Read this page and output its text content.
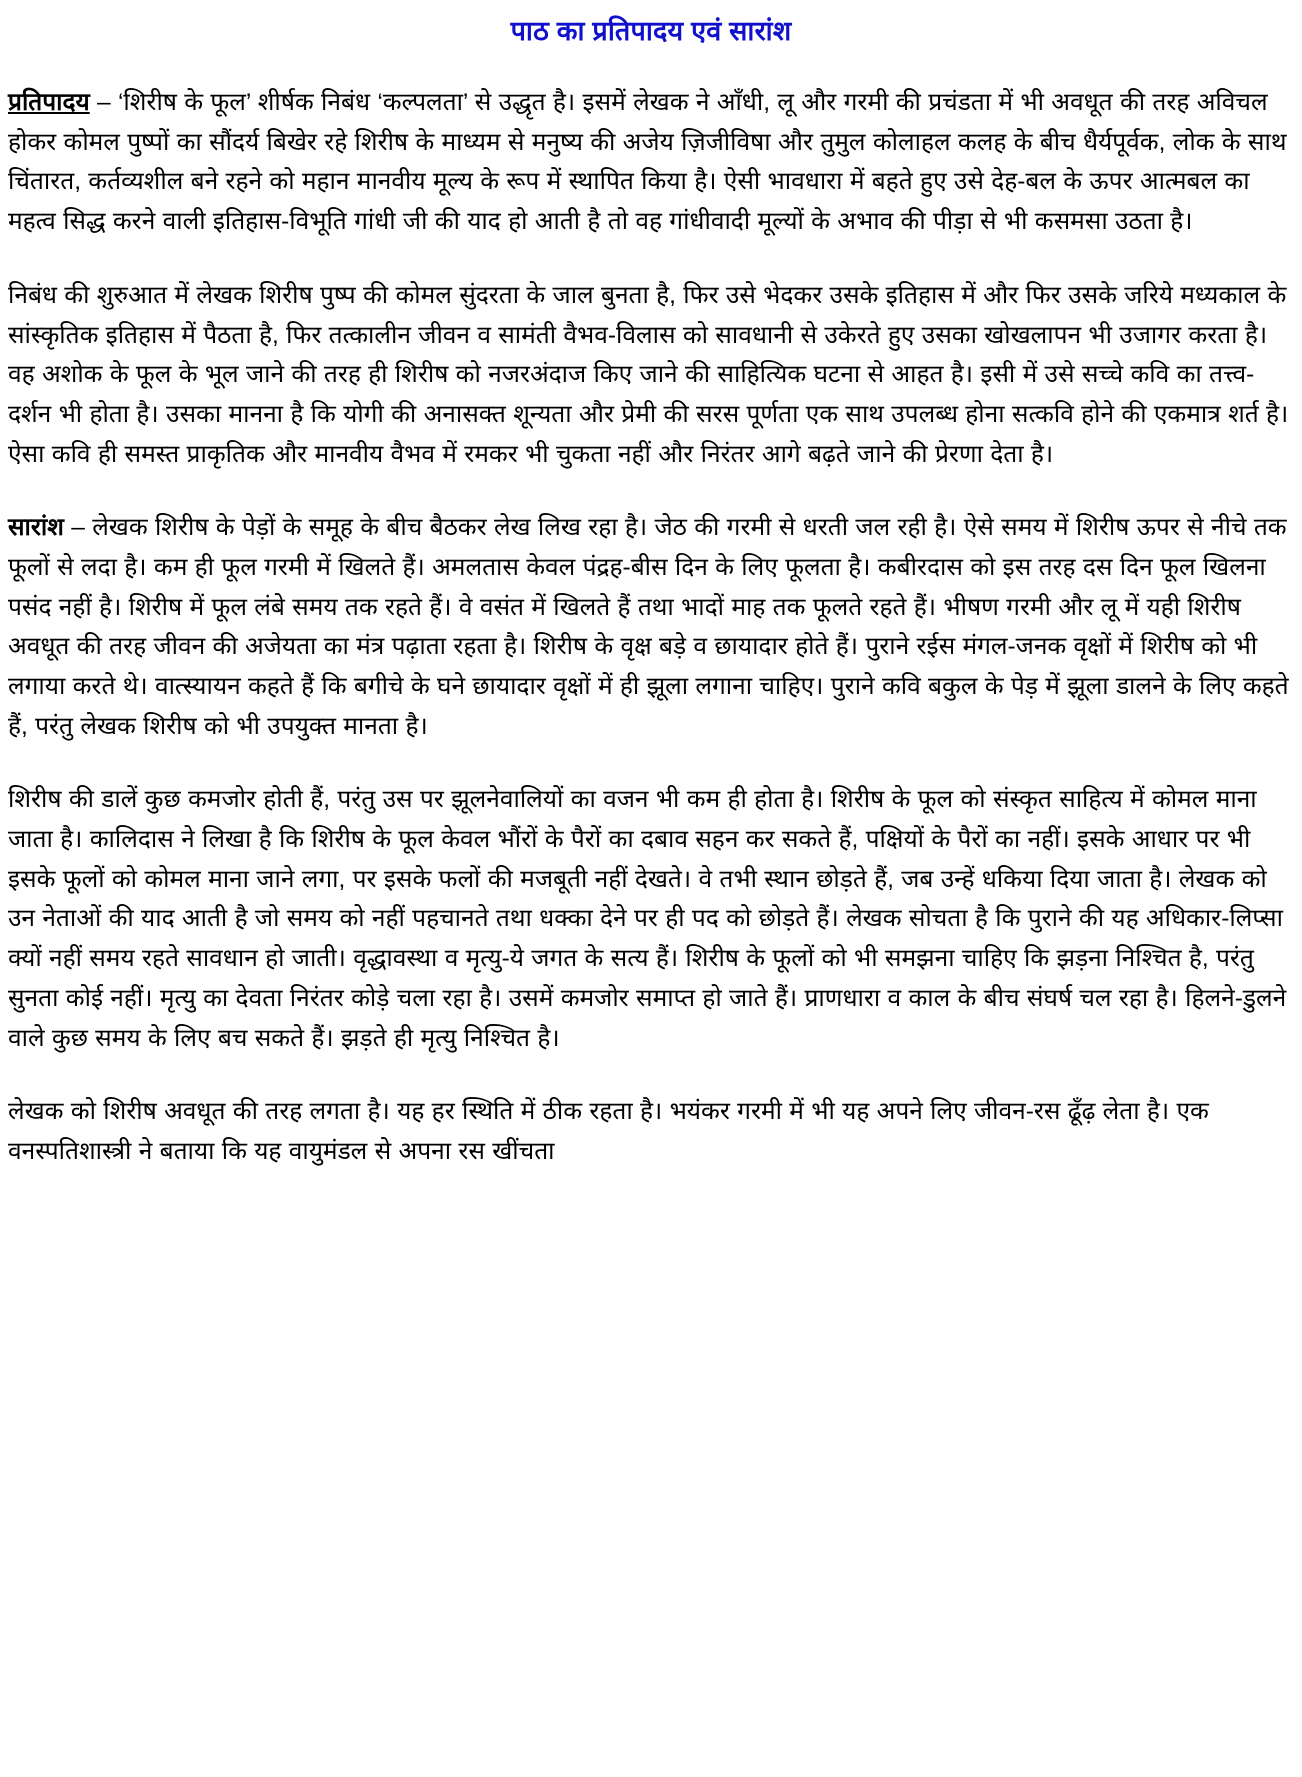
पाठ का प्रतिपादय एवं सारांश

प्रतिपादय – ‘शिरीष के फूल’ शीर्षक निबंध ‘कल्पलता’ से उद्धृत है। इसमें लेखक ने आँधी, लू और गरमी की प्रचंडता में भी अवधूत की तरह अविचल होकर कोमल पुष्पों का सौंदर्य बिखेर रहे शिरीष के माध्यम से मनुष्य की अजेय ज़िजीविषा और तुमुल कोलाहल कलह के बीच धैर्यपूर्वक, लोक के साथ चिंतारत, कर्तव्यशील बने रहने को महान मानवीय मूल्य के रूप में स्थापित किया है। ऐसी भावधारा में बहते हुए उसे देह-बल के ऊपर आत्मबल का महत्व सिद्ध करने वाली इतिहास-विभूति गांधी जी की याद हो आती है तो वह गांधीवादी मूल्यों के अभाव की पीड़ा से भी कसमसा उठता है।

निबंध की शुरुआत में लेखक शिरीष पुष्प की कोमल सुंदरता के जाल बुनता है, फिर उसे भेदकर उसके इतिहास में और फिर उसके जरिये मध्यकाल के सांस्कृतिक इतिहास में पैठता है, फिर तत्कालीन जीवन व सामंती वैभव-विलास को सावधानी से उकेरते हुए उसका खोखलापन भी उजागर करता है। वह अशोक के फूल के भूल जाने की तरह ही शिरीष को नजरअंदाज किए जाने की साहित्यिक घटना से आहत है। इसी में उसे सच्चे कवि का तत्त्व-दर्शन भी होता है। उसका मानना है कि योगी की अनासक्त शून्यता और प्रेमी की सरस पूर्णता एक साथ उपलब्ध होना सत्कवि होने की एकमात्र शर्त है। ऐसा कवि ही समस्त प्राकृतिक और मानवीय वैभव में रमकर भी चुकता नहीं और निरंतर आगे बढ़ते जाने की प्रेरणा देता है।

सारांश – लेखक शिरीष के पेड़ों के समूह के बीच बैठकर लेख लिख रहा है। जेठ की गरमी से धरती जल रही है। ऐसे समय में शिरीष ऊपर से नीचे तक फूलों से लदा है। कम ही फूल गरमी में खिलते हैं। अमलतास केवल पंद्रह-बीस दिन के लिए फूलता है। कबीरदास को इस तरह दस दिन फूल खिलना पसंद नहीं है। शिरीष में फूल लंबे समय तक रहते हैं। वे वसंत में खिलते हैं तथा भादों माह तक फूलते रहते हैं। भीषण गरमी और लू में यही शिरीष अवधूत की तरह जीवन की अजेयता का मंत्र पढ़ाता रहता है। शिरीष के वृक्ष बड़े व छायादार होते हैं। पुराने रईस मंगल-जनक वृक्षों में शिरीष को भी लगाया करते थे। वात्स्यायन कहते हैं कि बगीचे के घने छायादार वृक्षों में ही झूला लगाना चाहिए। पुराने कवि बकुल के पेड़ में झूला डालने के लिए कहते हैं, परंतु लेखक शिरीष को भी उपयुक्त मानता है।

शिरीष की डालें कुछ कमजोर होती हैं, परंतु उस पर झूलनेवालियों का वजन भी कम ही होता है। शिरीष के फूल को संस्कृत साहित्य में कोमल माना जाता है। कालिदास ने लिखा है कि शिरीष के फूल केवल भौंरों के पैरों का दबाव सहन कर सकते हैं, पक्षियों के पैरों का नहीं। इसके आधार पर भी इसके फूलों को कोमल माना जाने लगा, पर इसके फलों की मजबूती नहीं देखते। वे तभी स्थान छोड़ते हैं, जब उन्हें धकिया दिया जाता है। लेखक को उन नेताओं की याद आती है जो समय को नहीं पहचानते तथा धक्का देने पर ही पद को छोड़ते हैं। लेखक सोचता है कि पुराने की यह अधिकार-लिप्सा क्यों नहीं समय रहते सावधान हो जाती। वृद्धावस्था व मृत्यु-ये जगत के सत्य हैं। शिरीष के फूलों को भी समझना चाहिए कि झड़ना निश्चित है, परंतु सुनता कोई नहीं। मृत्यु का देवता निरंतर कोड़े चला रहा है। उसमें कमजोर समाप्त हो जाते हैं। प्राणधारा व काल के बीच संघर्ष चल रहा है। हिलने-डुलने वाले कुछ समय के लिए बच सकते हैं। झड़ते ही मृत्यु निश्चित है।

लेखक को शिरीष अवधूत की तरह लगता है। यह हर स्थिति में ठीक रहता है। भयंकर गरमी में भी यह अपने लिए जीवन-रस ढूँढ़ लेता है। एक वनस्पतिशास्त्री ने बताया कि यह वायुमंडल से अपना रस खींचता
